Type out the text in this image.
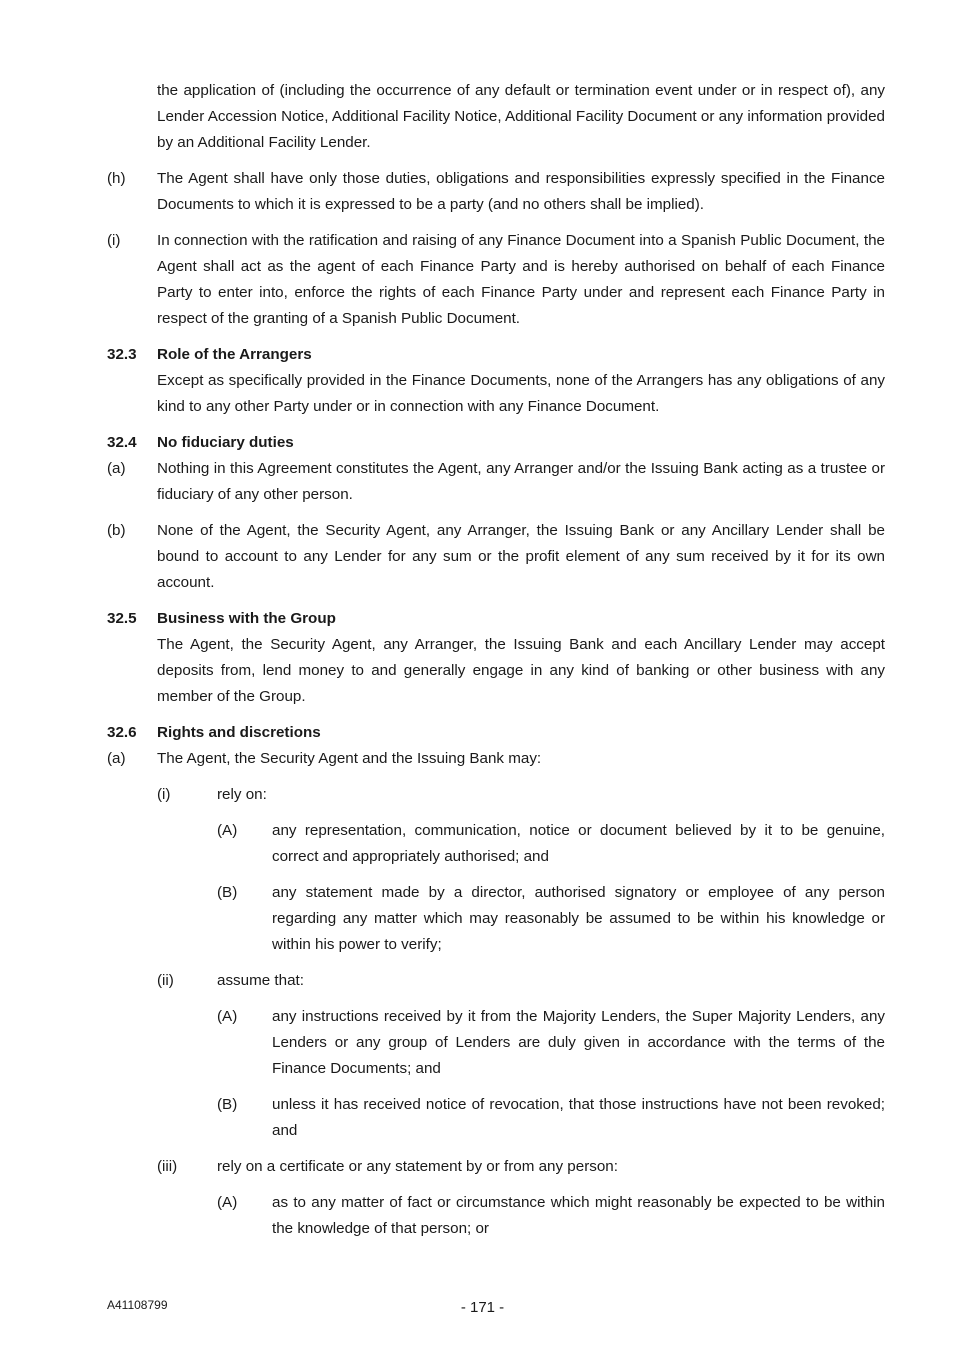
the application of (including the occurrence of any default or termination event under or in respect of), any Lender Accession Notice, Additional Facility Notice, Additional Facility Document or any information provided by an Additional Facility Lender.
(h) The Agent shall have only those duties, obligations and responsibilities expressly specified in the Finance Documents to which it is expressed to be a party (and no others shall be implied).
(i) In connection with the ratification and raising of any Finance Document into a Spanish Public Document, the Agent shall act as the agent of each Finance Party and is hereby authorised on behalf of each Finance Party to enter into, enforce the rights of each Finance Party under and represent each Finance Party in respect of the granting of a Spanish Public Document.
32.3 Role of the Arrangers
Except as specifically provided in the Finance Documents, none of the Arrangers has any obligations of any kind to any other Party under or in connection with any Finance Document.
32.4 No fiduciary duties
(a) Nothing in this Agreement constitutes the Agent, any Arranger and/or the Issuing Bank acting as a trustee or fiduciary of any other person.
(b) None of the Agent, the Security Agent, any Arranger, the Issuing Bank or any Ancillary Lender shall be bound to account to any Lender for any sum or the profit element of any sum received by it for its own account.
32.5 Business with the Group
The Agent, the Security Agent, any Arranger, the Issuing Bank and each Ancillary Lender may accept deposits from, lend money to and generally engage in any kind of banking or other business with any member of the Group.
32.6 Rights and discretions
(a) The Agent, the Security Agent and the Issuing Bank may:
(i)	rely on:
(A) any representation, communication, notice or document believed by it to be genuine, correct and appropriately authorised; and
(B) any statement made by a director, authorised signatory or employee of any person regarding any matter which may reasonably be assumed to be within his knowledge or within his power to verify;
(ii)	assume that:
(A) any instructions received by it from the Majority Lenders, the Super Majority Lenders, any Lenders or any group of Lenders are duly given in accordance with the terms of the Finance Documents; and
(B) unless it has received notice of revocation, that those instructions have not been revoked; and
(iii)	rely on a certificate or any statement by or from any person:
(A) as to any matter of fact or circumstance which might reasonably be expected to be within the knowledge of that person; or
A41108799	- 171 -
